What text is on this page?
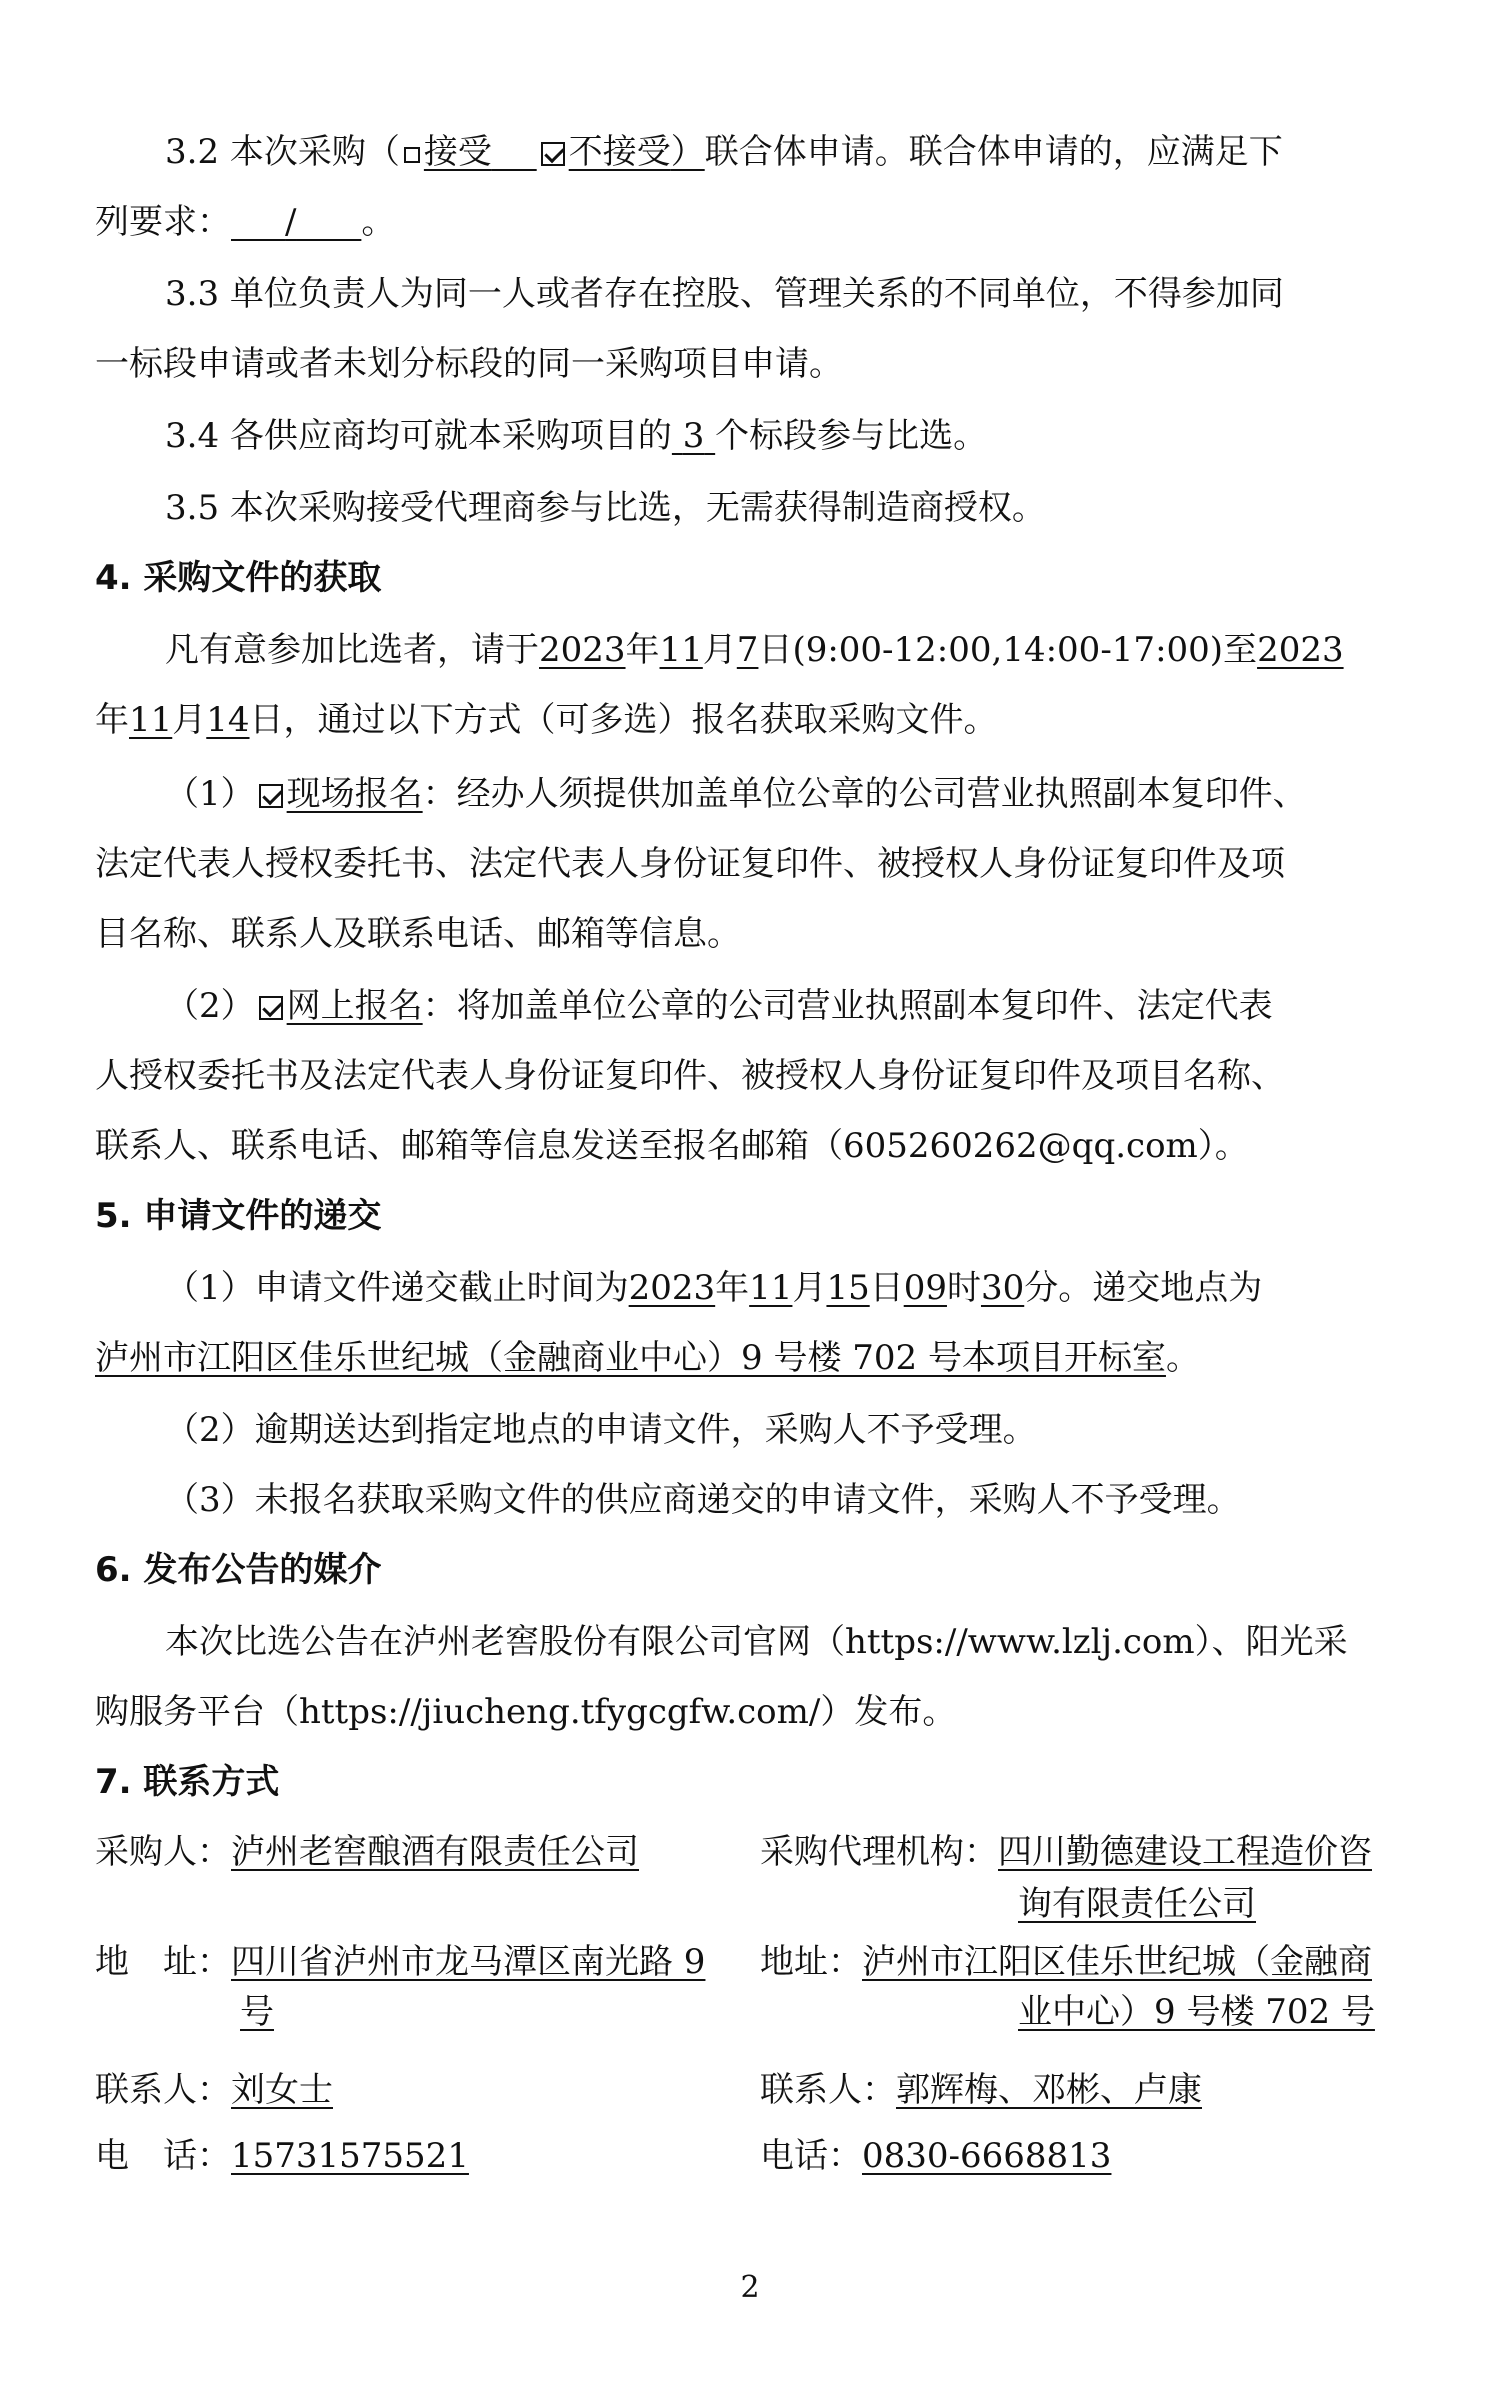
3.2 本次采购（ 接受　 不接受）联合体申请。联合体申请的，应满足下
列要求： / 。
3.3 单位负责人为同一人或者存在控股、管理关系的不同单位，不得参加同
一标段申请或者未划分标段的同一采购项目申请。
3.4 各供应商均可就本采购项目的 3 个标段参与比选。
3.5 本次采购接受代理商参与比选，无需获得制造商授权。
4. 采购文件的获取
凡有意参加比选者，请于2023年11月7日(9:00-12:00,14:00-17:00)至2023
年11月14日，通过以下方式（可多选）报名获取采购文件。
（1） 现场报名：经办人须提供加盖单位公章的公司营业执照副本复印件、
法定代表人授权委托书、法定代表人身份证复印件、被授权人身份证复印件及项
目名称、联系人及联系电话、邮箱等信息。
（2） 网上报名：将加盖单位公章的公司营业执照副本复印件、法定代表
人授权委托书及法定代表人身份证复印件、被授权人身份证复印件及项目名称、
联系人、联系电话、邮箱等信息发送至报名邮箱（605260262@qq.com）。
5. 申请文件的递交
（1）申请文件递交截止时间为2023年11月15日09时30分。递交地点为
泸州市江阳区佳乐世纪城（金融商业中心）9 号楼 702 号本项目开标室。
（2）逾期送达到指定地点的申请文件，采购人不予受理。
（3）未报名获取采购文件的供应商递交的申请文件，采购人不予受理。
6. 发布公告的媒介
本次比选公告在泸州老窖股份有限公司官网（https://www.lzlj.com）、阳光采
购服务平台（https://jiucheng.tfygcgfw.com/）发布。
7. 联系方式
采购人：泸州老窖酿酒有限责任公司
地　址：四川省泸州市龙马潭区南光路 9
号
联系人：刘女士
电　话：15731575521
采购代理机构：四川勤德建设工程造价咨
询有限责任公司
地址：泸州市江阳区佳乐世纪城（金融商
业中心）9 号楼 702 号
联系人：郭辉梅、邓彬、卢康
电话：0830-6668813
2
